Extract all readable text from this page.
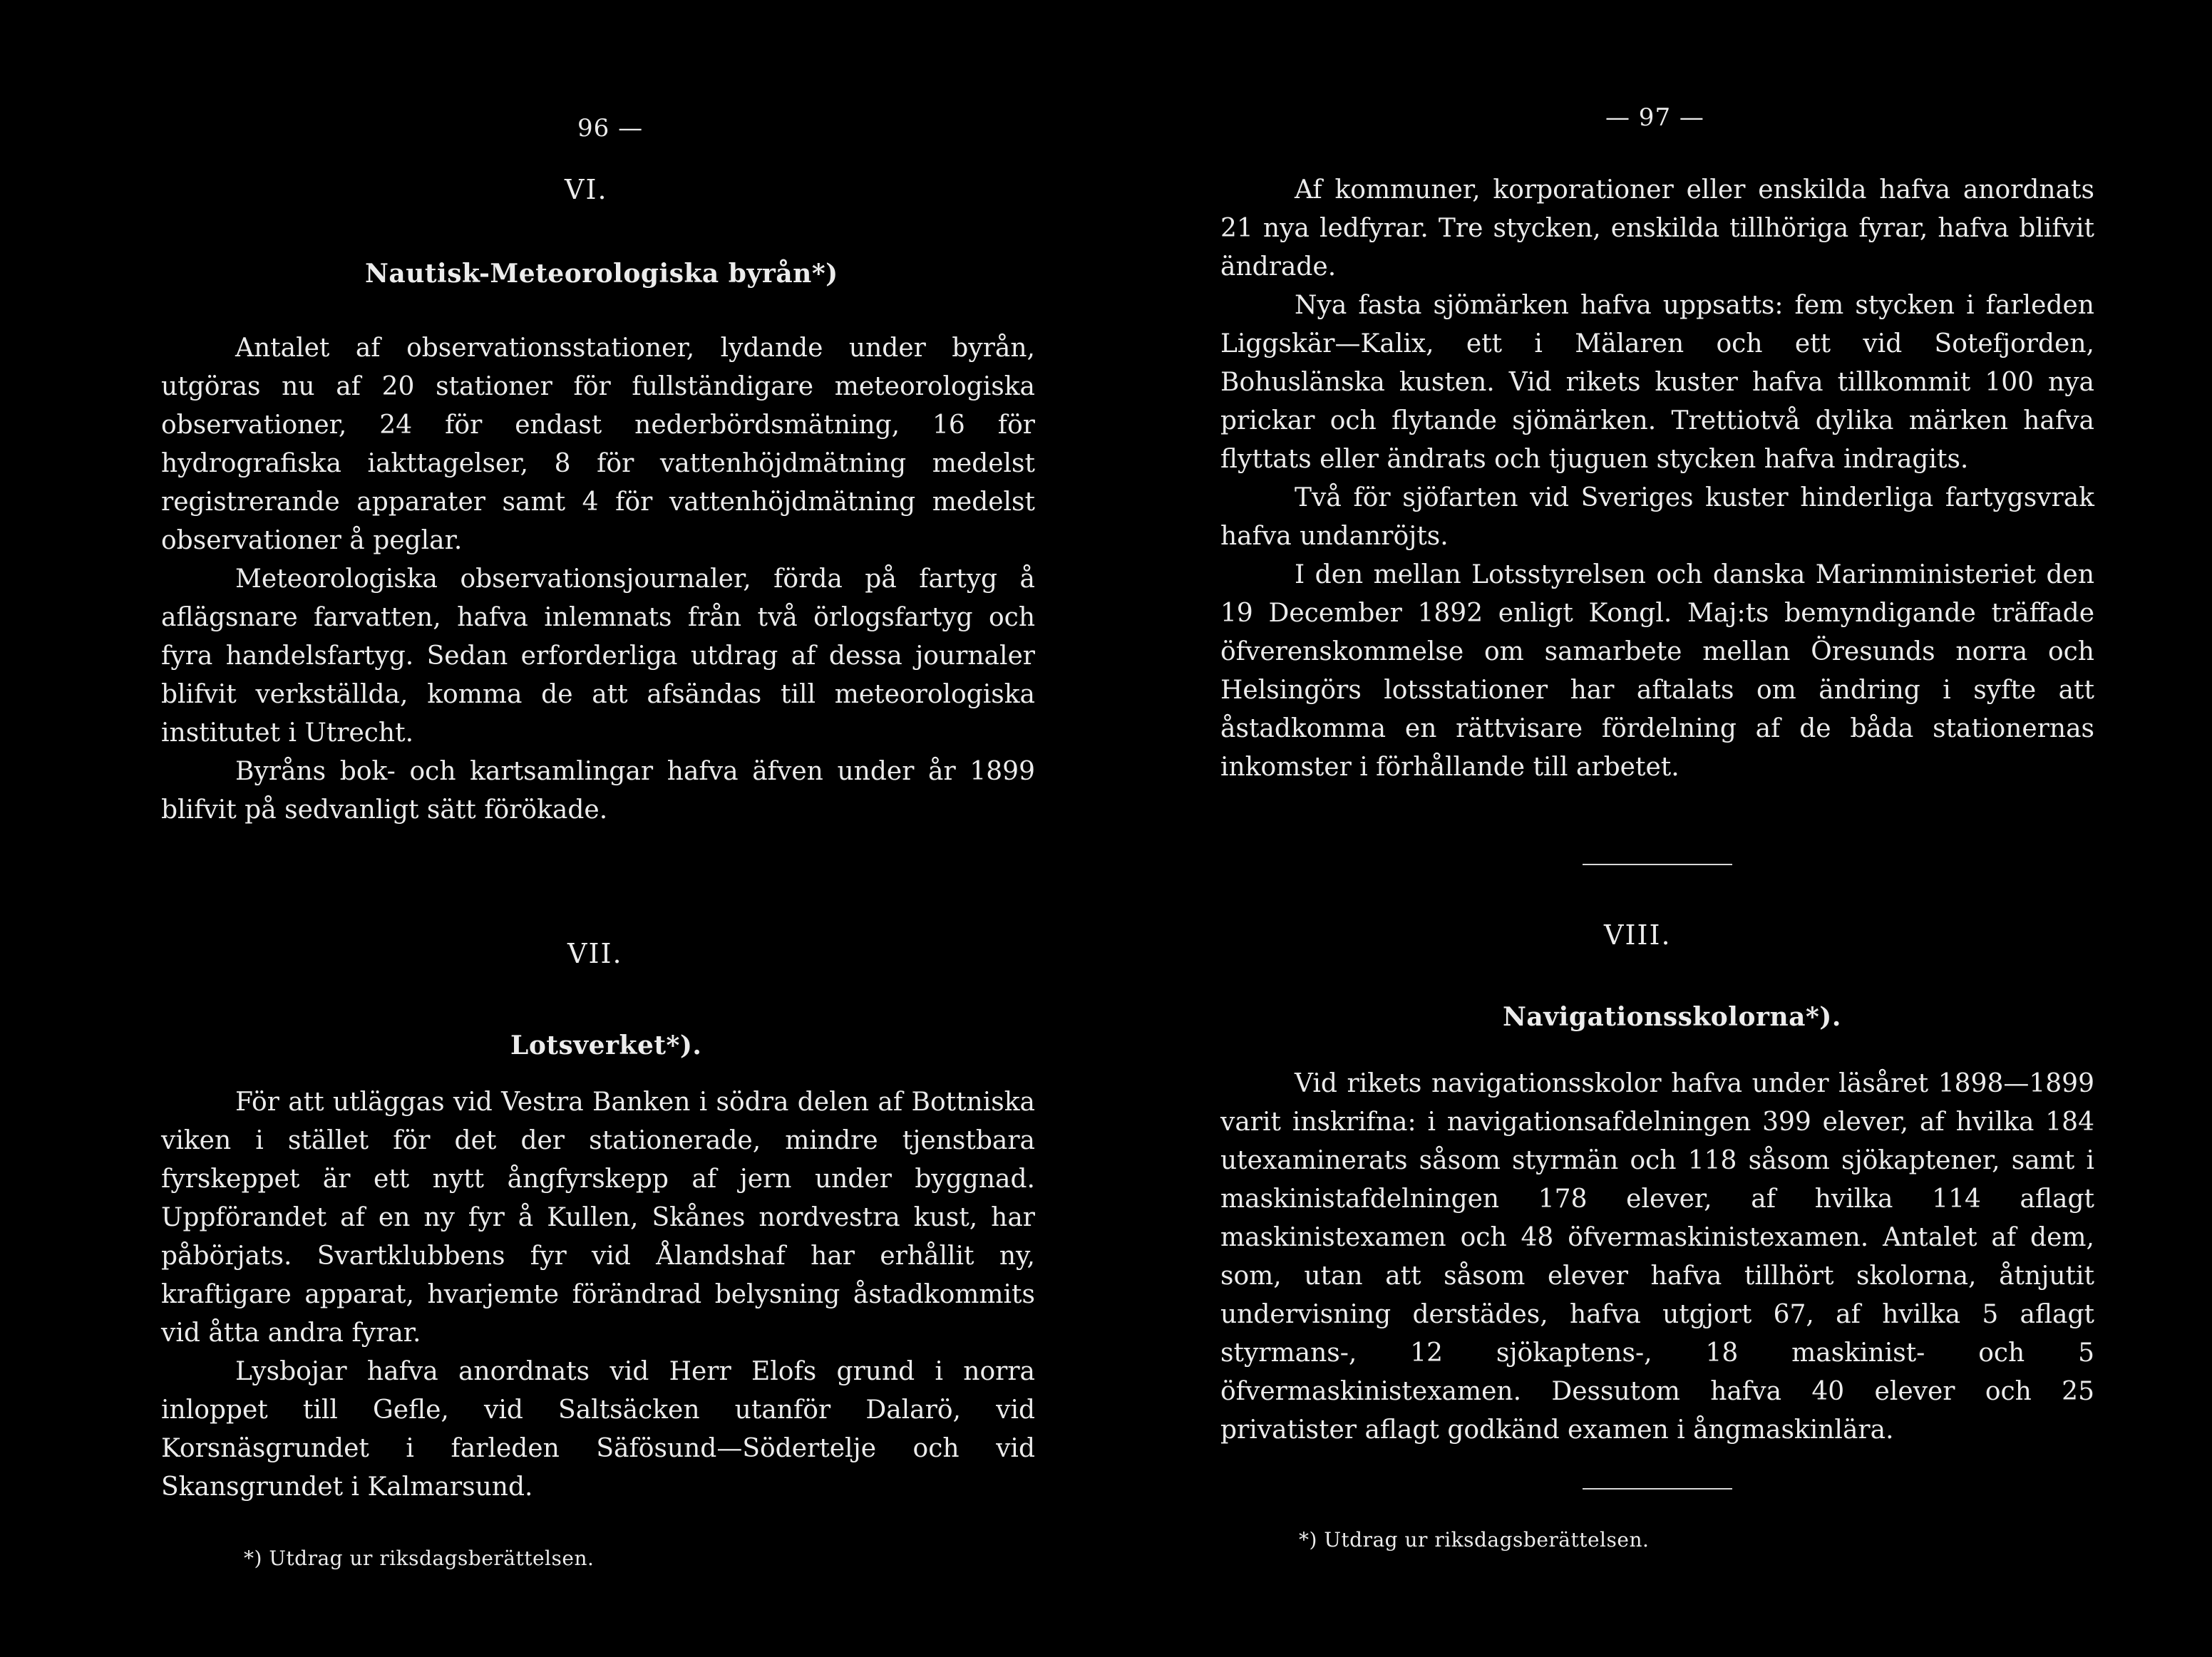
96 —
VI.
Nautisk-Meteorologiska byrån*)

Antalet af observationsstationer, lydande under byrån, utgöras nu af 20 stationer för fullständigare meteorologiska observationer, 24 för endast nederbördsmätning, 16 för hydrografiska iakttagelser, 8 för vattenhöjdmätning medelst registrerande apparater samt 4 för vattenhöjdmätning medelst observationer å peglar.

Meteorologiska observationsjournaler, förda på fartyg å aflägsnare farvatten, hafva inlemnats från två örlogsfartyg och fyra handelsfartyg. Sedan erforderliga utdrag af dessa journaler blifvit verkställda, komma de att afsändas till meteorologiska institutet i Utrecht.

Byråns bok- och kartsamlingar hafva äfven under år 1899 blifvit på sedvanligt sätt förökade.

VII.
Lotsverket*).

För att utläggas vid Vestra Banken i södra delen af Bottniska viken i stället för det der stationerade, mindre tjenstbara fyrskeppet är ett nytt ångfyrskepp af jern under byggnad. Uppförandet af en ny fyr å Kullen, Skånes nordvestra kust, har påbörjats. Svartklubbens fyr vid Ålandshaf har erhållit ny, kraftigare apparat, hvarjemte förändrad belysning åstadkommits vid åtta andra fyrar.

Lysbojar hafva anordnats vid Herr Elofs grund i norra inloppet till Gefle, vid Saltsäcken utanför Dalarö, vid Korsnäsgrundet i farleden Säfösund—Södertelje och vid Skansgrundet i Kalmarsund.

*) Utdrag ur riksdagsberättelsen.
— 97 —

Af kommuner, korporationer eller enskilda hafva anordnats 21 nya ledfyrar. Tre stycken, enskilda tillhöriga fyrar, hafva blifvit ändrade.

Nya fasta sjömärken hafva uppsatts: fem stycken i farleden Liggskär—Kalix, ett i Mälaren och ett vid Sotefjorden, Bohuslänska kusten. Vid rikets kuster hafva tillkommit 100 nya prickar och flytande sjömärken. Trettiotvå dylika märken hafva flyttats eller ändrats och tjuguen stycken hafva indragits.

Två för sjöfarten vid Sveriges kuster hinderliga fartygsvrak hafva undanröjts.

I den mellan Lotsstyrelsen och danska Marinministeriet den 19 December 1892 enligt Kongl. Maj:ts bemyndigande träffade öfverenskommelse om samarbete mellan Öresunds norra och Helsingörs lotsstationer har aftalats om ändring i syfte att åstadkomma en rättvisare fördelning af de båda stationernas inkomster i förhållande till arbetet.

VIII.
Navigationsskolorna*).

Vid rikets navigationsskolor hafva under läsåret 1898—1899 varit inskrifna: i navigationsafdelningen 399 elever, af hvilka 184 utexaminerats såsom styrmän och 118 såsom sjökaptener, samt i maskinistafdelningen 178 elever, af hvilka 114 aflagt maskinistexamen och 48 öfvermaskinistexamen. Antalet af dem, som, utan att såsom elever hafva tillhört skolorna, åtnjutit undervisning derstädes, hafva utgjort 67, af hvilka 5 aflagt styrmans-, 12 sjökaptens-, 18 maskinist- och 5 öfvermaskinistexamen. Dessutom hafva 40 elever och 25 privatister aflagt godkänd examen i ångmaskinlära.

*) Utdrag ur riksdagsberättelsen.
